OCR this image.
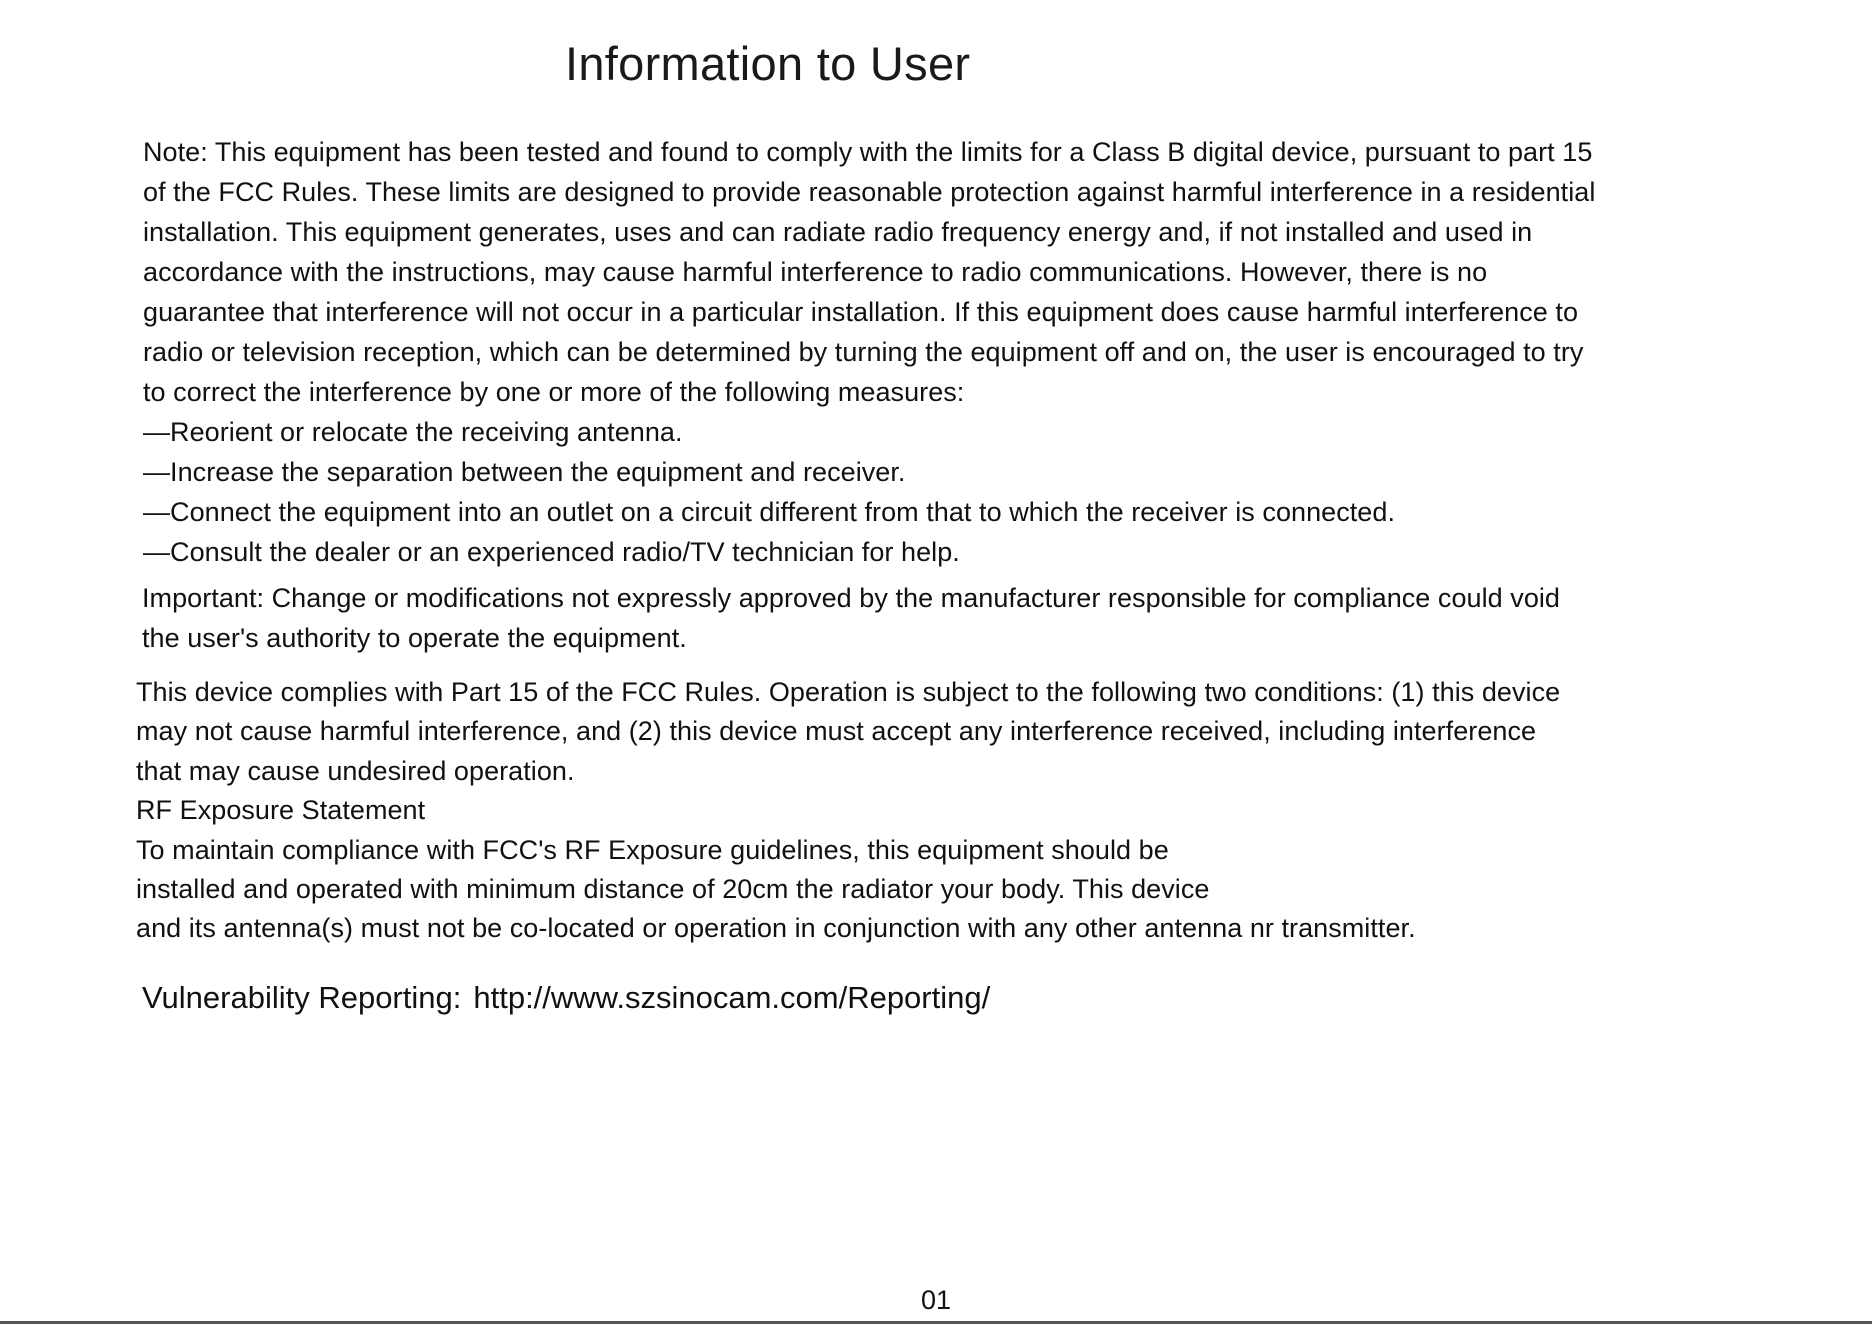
Information to User
Note: This equipment has been tested and found to comply with the limits for a Class B digital device, pursuant to part 15
of the FCC Rules. These limits are designed to provide reasonable protection against harmful interference in a residential
installation. This equipment generates, uses and can radiate radio frequency energy and, if not installed and used in
accordance with the instructions, may cause harmful interference to radio communications. However, there is no
guarantee that interference will not occur in a particular installation. If this equipment does cause harmful interference to
radio or television reception, which can be determined by turning the equipment off and on, the user is encouraged to try
to correct the interference by one or more of the following measures:
—Reorient or relocate the receiving antenna.
—Increase the separation between the equipment and receiver.
—Connect the equipment into an outlet on a circuit different from that to which the receiver is connected.
—Consult the dealer or an experienced radio/TV technician for help.
Important: Change or modifications not expressly approved by the manufacturer responsible for compliance could void
the user's authority to operate the equipment.
This device complies with Part 15 of the FCC Rules. Operation is subject to the following two conditions: (1) this device
may not cause harmful interference, and (2) this device must accept any interference received, including interference
that may cause undesired operation.
RF Exposure Statement
To maintain compliance with FCC's RF Exposure guidelines, this equipment should be
installed and operated with minimum distance of 20cm the radiator your body. This device
and its antenna(s) must not be co-located or operation in conjunction with any other antenna nr transmitter.
Vulnerability Reporting: http://www.szsinocam.com/Reporting/
01
